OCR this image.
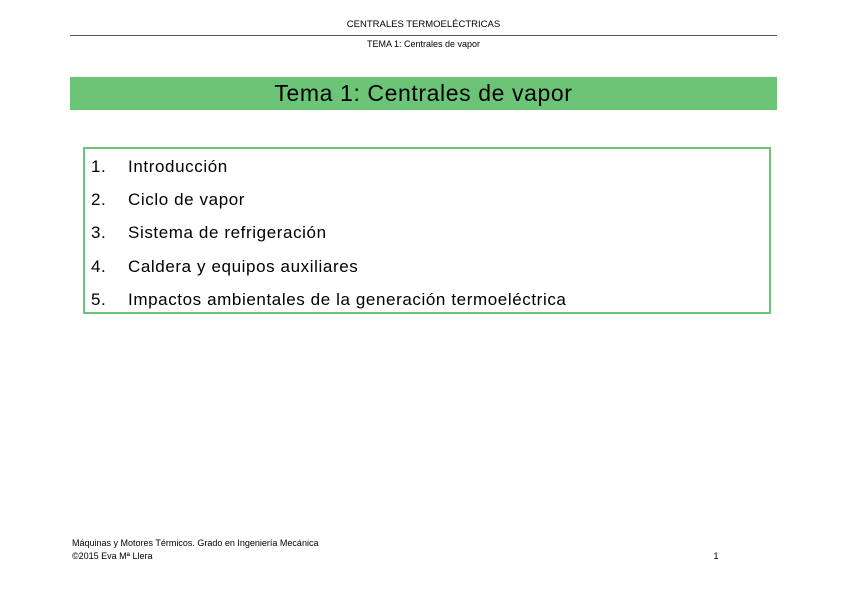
CENTRALES TERMOELÉCTRICAS
TEMA 1: Centrales de vapor
Tema 1: Centrales de vapor
1.	Introducción
2.	Ciclo de vapor
3.	Sistema de refrigeración
4.	Caldera y equipos auxiliares
5.	Impactos ambientales de la generación termoeléctrica
Máquinas y Motores Térmicos. Grado en Ingeniería Mecánica
©2015 Eva Mª Llera	1
